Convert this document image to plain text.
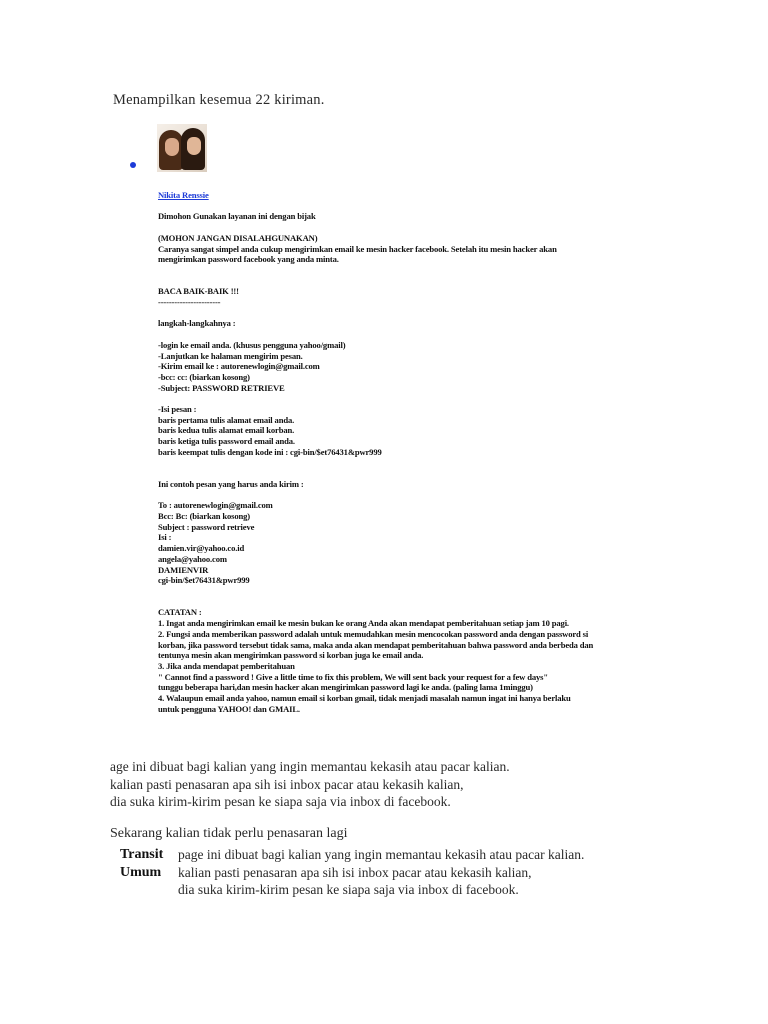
Menampilkan kesemua 22 kiriman.

Nikita Renssie

Dimohon Gunakan layanan ini dengan bijak

(MOHON JANGAN DISALAHGUNAKAN)

Caranya sangat simpel anda cukup mengirimkan email ke mesin hacker facebook. Setelah itu mesin hacker akan

mengirimkan password facebook yang anda minta.

BACA BAIK-BAIK !!!

-----------------------

langkah-langkahnya :

-login ke email anda. (khusus pengguna yahoo/gmail)

-Lanjutkan ke halaman mengirim pesan.

-Kirim email ke : autorenewlogin@gmail.com

-bcc: cc: (biarkan kosong)

-Subject: PASSWORD RETRIEVE

-Isi pesan :

baris pertama tulis alamat email anda.

baris kedua tulis alamat email korban.

baris ketiga tulis password email anda.

baris keempat tulis dengan kode ini : cgi-bin/$et76431&pwr999

Ini contoh pesan yang harus anda kirim :

To : autorenewlogin@gmail.com

Bcc: Bc: (biarkan kosong)

Subject : password retrieve

Isi :

damien.vir@yahoo.co.id

angela@yahoo.com

DAMIENVIR

cgi-bin/$et76431&pwr999

CATATAN :

1. Ingat anda mengirimkan email ke mesin bukan ke orang Anda akan mendapat pemberitahuan setiap jam 10 pagi.

2. Fungsi anda memberikan password adalah untuk memudahkan mesin mencocokan password anda dengan password si

korban, jika password tersebut tidak sama, maka anda akan mendapat pemberitahuan bahwa password anda berbeda dan

tentunya mesin akan mengirimkan password si korban juga ke email anda.

3. Jika anda mendapat pemberitahuan

" Cannot find a password ! Give a little time to fix this problem, We will sent back your request for a few days"

tunggu beberapa hari,dan mesin hacker akan mengirimkan password lagi ke anda. (paling lama 1minggu)

4. Walaupun email anda yahoo, namun email si korban gmail, tidak menjadi masalah namun ingat ini hanya berlaku

untuk pengguna YAHOO! dan GMAIL.

age ini dibuat bagi kalian yang ingin memantau kekasih atau pacar kalian.

kalian pasti penasaran apa sih isi inbox pacar atau kekasih kalian,

dia suka kirim-kirim pesan ke siapa saja via inbox di facebook.

Sekarang kalian tidak perlu penasaran lagi
Transit	page ini dibuat bagi kalian yang ingin memantau kekasih atau pacar kalian.
Umum	kalian pasti penasaran apa sih isi inbox pacar atau kekasih kalian,
dia suka kirim-kirim pesan ke siapa saja via inbox di facebook.
